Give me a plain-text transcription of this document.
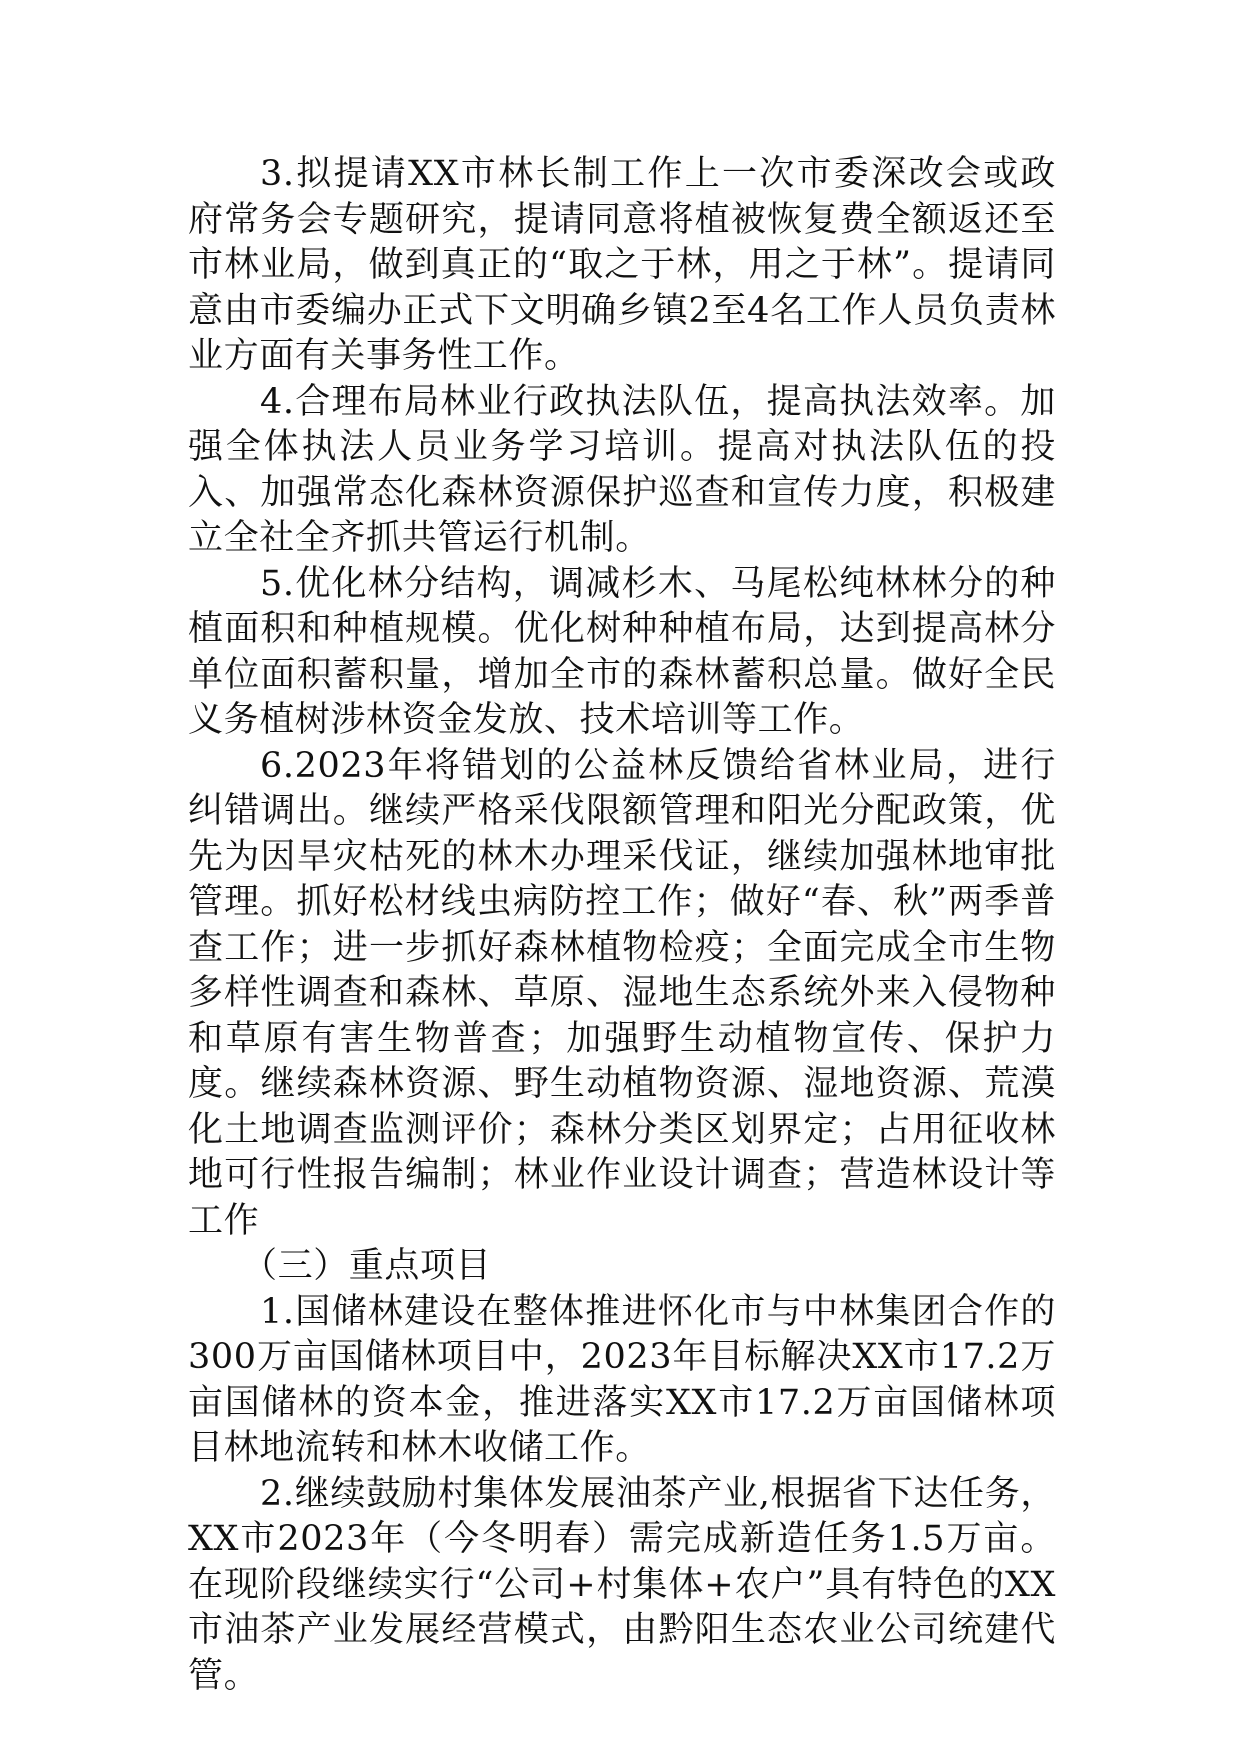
3.拟提请XX市林长制工作上一次市委深改会或政府常务会专题研究，提请同意将植被恢复费全额返还至市林业局，做到真正的“取之于林，用之于林”。提请同意由市委编办正式下文明确乡镇2至4名工作人员负责林业方面有关事务性工作。

4.合理布局林业行政执法队伍，提高执法效率。加强全体执法人员业务学习培训。提高对执法队伍的投入、加强常态化森林资源保护巡查和宣传力度，积极建立全社全齐抓共管运行机制。

5.优化林分结构，调减杉木、马尾松纯林林分的种植面积和种植规模。优化树种种植布局，达到提高林分单位面积蓄积量，增加全市的森林蓄积总量。做好全民义务植树涉林资金发放、技术培训等工作。

6.2023年将错划的公益林反馈给省林业局，进行纠错调出。继续严格采伐限额管理和阳光分配政策，优先为因旱灾枯死的林木办理采伐证，继续加强林地审批管理。抓好松材线虫病防控工作；做好“春、秋”两季普查工作；进一步抓好森林植物检疫；全面完成全市生物多样性调查和森林、草原、湿地生态系统外来入侵物种和草原有害生物普查；加强野生动植物宣传、保护力度。继续森林资源、野生动植物资源、湿地资源、荒漠化土地调查监测评价；森林分类区划界定；占用征收林地可行性报告编制；林业作业设计调查；营造林设计等工作

（三）重点项目

1.国储林建设在整体推进怀化市与中林集团合作的300万亩国储林项目中，2023年目标解决XX市17.2万亩国储林的资本金，推进落实XX市17.2万亩国储林项目林地流转和林木收储工作。

2.继续鼓励村集体发展油茶产业,根据省下达任务，XX市2023年（今冬明春）需完成新造任务1.5万亩。在现阶段继续实行“公司+村集体+农户”具有特色的XX市油茶产业发展经营模式，由黔阳生态农业公司统建代管。
